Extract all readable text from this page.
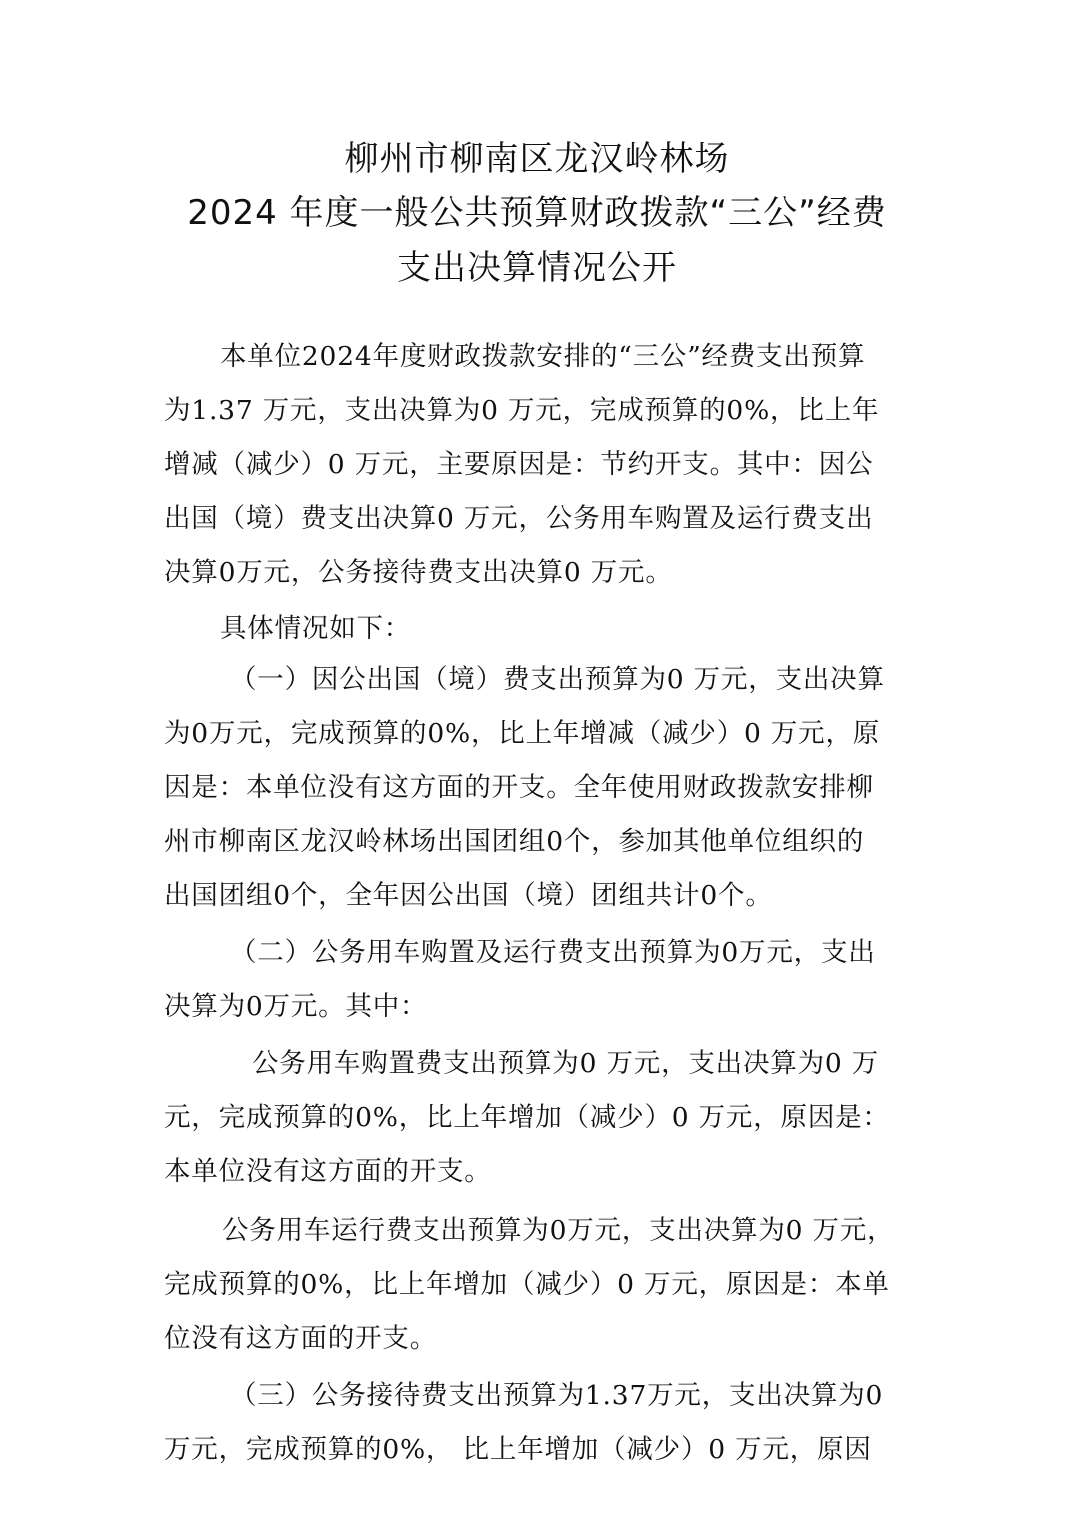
柳州市柳南区龙汉岭林场
2024 年度一般公共预算财政拨款“三公”经费
支出决算情况公开
本单位2024年度财政拨款安排的“三公”经费支出预算
为1.37 万元，支出决算为0 万元，完成预算的0%，比上年
增减（减少）0 万元，主要原因是：节约开支。其中：因公
出国（境）费支出决算0 万元，公务用车购置及运行费支出
决算0万元，公务接待费支出决算0 万元。
具体情况如下：
（一）因公出国（境）费支出预算为0 万元，支出决算
为0万元，完成预算的0%，比上年增减（减少）0 万元，原
因是：本单位没有这方面的开支。全年使用财政拨款安排柳
州市柳南区龙汉岭林场出国团组0个，参加其他单位组织的
出国团组0个，全年因公出国（境）团组共计0个。
（二）公务用车购置及运行费支出预算为0万元，支出
决算为0万元。其中：
公务用车购置费支出预算为0 万元，支出决算为0 万
元，完成预算的0%，比上年增加（减少）0 万元，原因是：
本单位没有这方面的开支。
公务用车运行费支出预算为0万元，支出决算为0 万元，
完成预算的0%，比上年增加（减少）0 万元，原因是：本单
位没有这方面的开支。
（三）公务接待费支出预算为1.37万元，支出决算为0
万元，完成预算的0%， 比上年增加（减少）0 万元，原因
